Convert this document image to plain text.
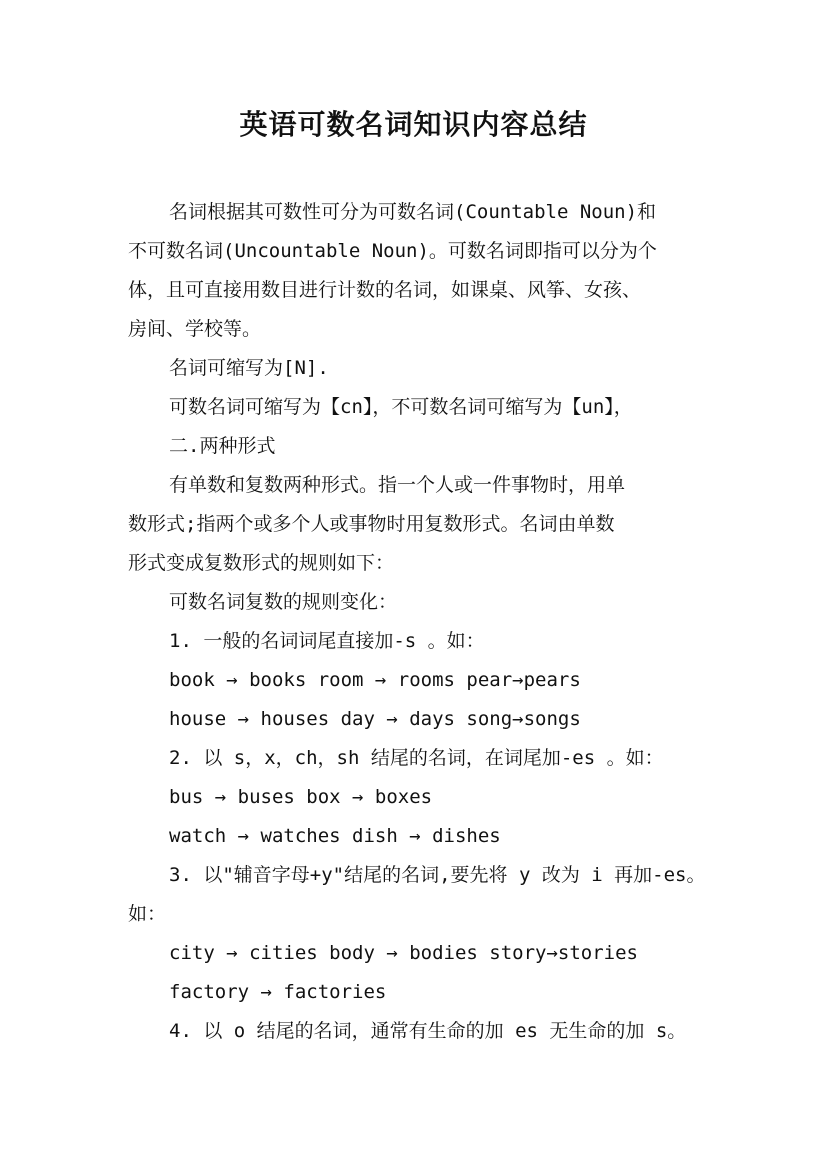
英语可数名词知识内容总结

名词根据其可数性可分为可数名词(Countable Noun)和

不可数名词(Uncountable Noun)。可数名词即指可以分为个

体，且可直接用数目进行计数的名词，如课桌、风筝、女孩、

房间、学校等。

名词可缩写为[N].

可数名词可缩写为【cn】，不可数名词可缩写为【un】，

二.两种形式

有单数和复数两种形式。指一个人或一件事物时，用单

数形式;指两个或多个人或事物时用复数形式。名词由单数

形式变成复数形式的规则如下：

可数名词复数的规则变化：

1. 一般的名词词尾直接加-s 。如：

book → books room → rooms pear→pears

house → houses day → days song→songs

2. 以 s，x，ch，sh 结尾的名词，在词尾加-es 。如：

bus → buses box → boxes

watch → watches dish → dishes

3. 以"辅音字母+y"结尾的名词,要先将 y 改为 i 再加-es。

如：

city → cities body → bodies story→stories

factory → factories

4. 以 o 结尾的名词，通常有生命的加 es 无生命的加 s。
